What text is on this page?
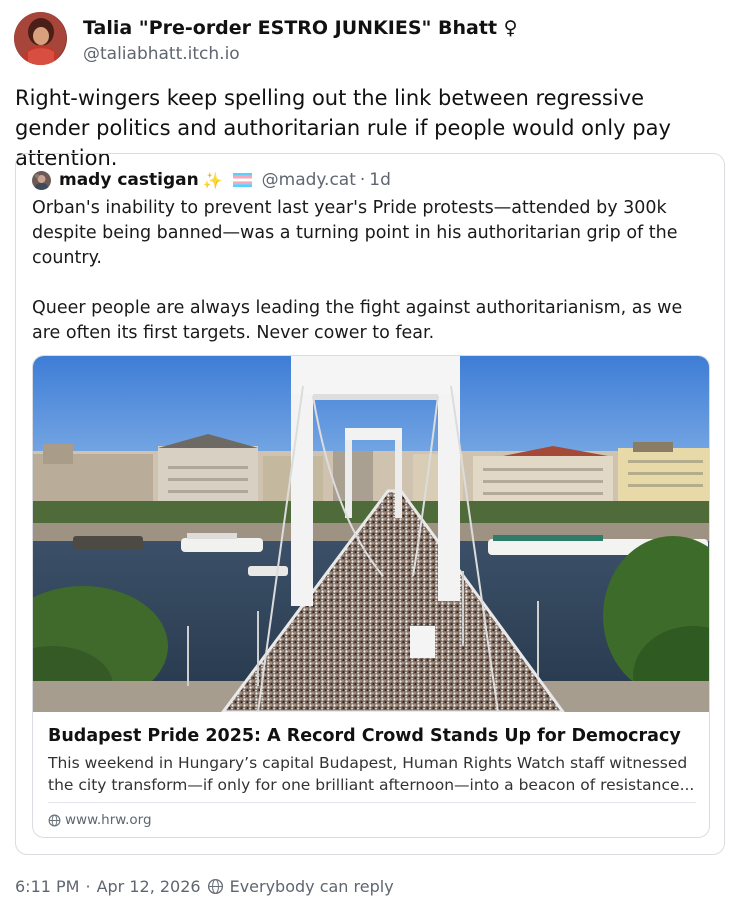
Talia "Pre-order ESTRO JUNKIES" Bhatt ♀
@taliabhatt.itch.io
Right-wingers keep spelling out the link between regressive gender politics and authoritarian rule if people would only pay attention.
mady castigan ✨ @mady.cat · 1d

Orban's inability to prevent last year's Pride protests—attended by 300k despite being banned—was a turning point in his authoritarian grip of the country.

Queer people are always leading the fight against authoritarianism, as we are often its first targets. Never cower to fear.

Budapest Pride 2025: A Record Crowd Stands Up for Democracy
This weekend in Hungary’s capital Budapest, Human Rights Watch staff witnessed the city transform—if only for one brilliant afternoon—into a beacon of resistance...
www.hrw.org
6:11 PM · Apr 12, 2026 Everybody can reply
